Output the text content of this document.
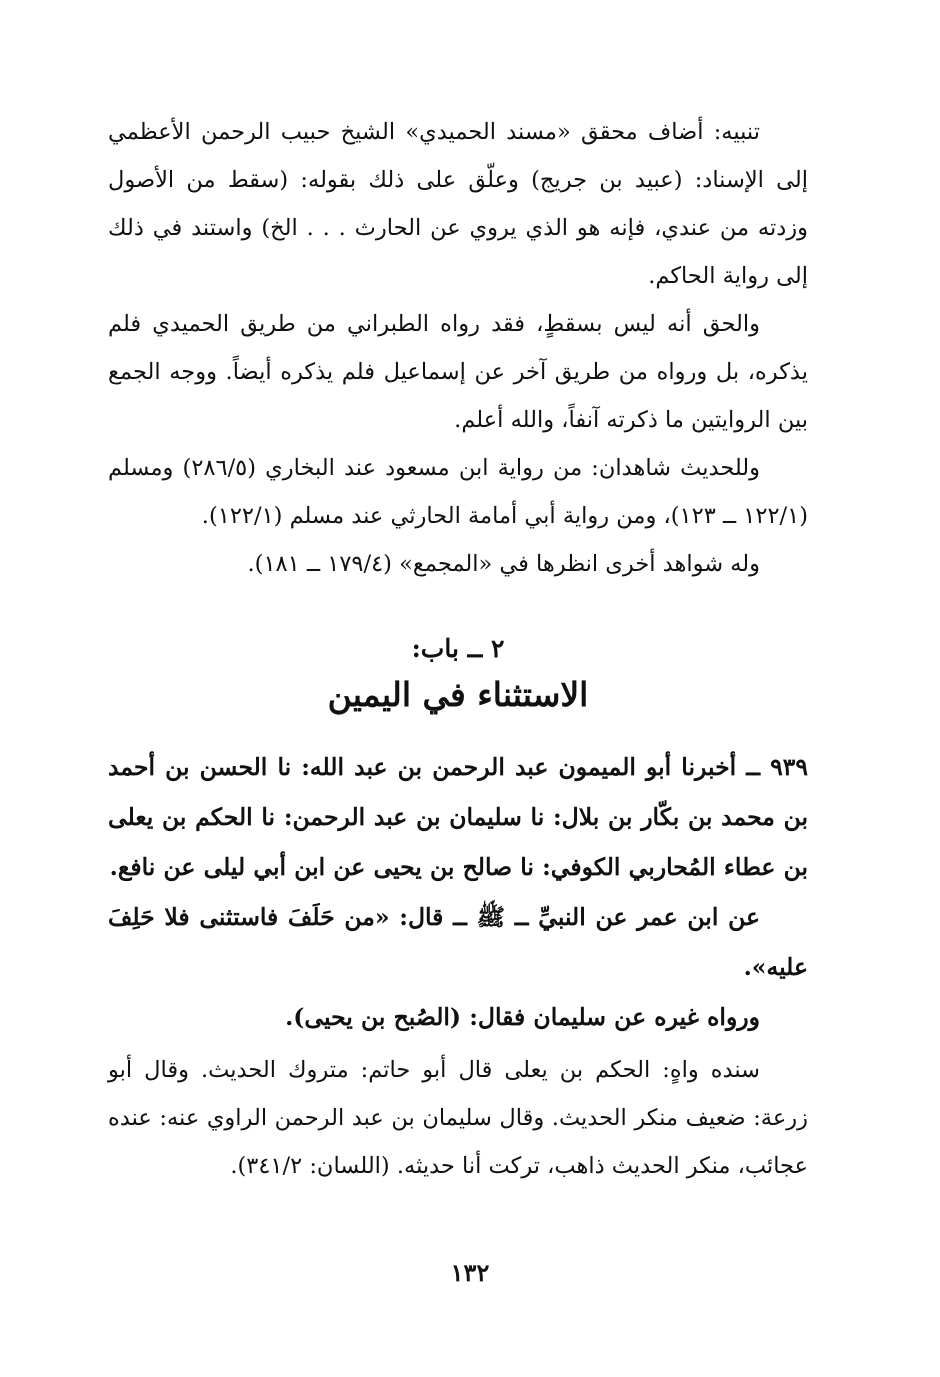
تنبيه: أضاف محقق «مسند الحميدي» الشيخ حبيب الرحمن الأعظمي إلى الإسناد: (عبيد بن جريج) وعلّق على ذلك بقوله: (سقط من الأصول وزدته من عندي، فإنه هو الذي يروي عن الحارث . . . الخ) واستند في ذلك إلى رواية الحاكم.

والحق أنه ليس بسقطٍ، فقد رواه الطبراني من طريق الحميدي فلم يذكره، بل ورواه من طريق آخر عن إسماعيل فلم يذكره أيضاً. ووجه الجمع بين الروايتين ما ذكرته آنفاً، والله أعلم.

وللحديث شاهدان: من رواية ابن مسعود عند البخاري (٢٨٦/٥) ومسلم (١٢٢/١ ــ ١٢٣)، ومن رواية أبي أمامة الحارثي عند مسلم (١٢٢/١).

وله شواهد أخرى انظرها في «المجمع» (١٧٩/٤ ــ ١٨١).

٢ ــ باب:
الاستثناء في اليمين

٩٣٩ ــ أخبرنا أبو الميمون عبد الرحمن بن عبد الله: نا الحسن بن أحمد بن محمد بن بكّار بن بلال: نا سليمان بن عبد الرحمن: نا الحكم بن يعلى بن عطاء المُحاربي الكوفي: نا صالح بن يحيى عن ابن أبي ليلى عن نافع.

عن ابن عمر عن النبيِّ ــ ﷺ ــ قال: «من حَلَفَ فاستثنى فلا حَلِفَ عليه».

ورواه غيره عن سليمان فقال: (الصُبح بن يحيى).

سنده واهٍ: الحكم بن يعلى قال أبو حاتم: متروك الحديث. وقال أبو زرعة: ضعيف منكر الحديث. وقال سليمان بن عبد الرحمن الراوي عنه: عنده عجائب، منكر الحديث ذاهب، تركت أنا حديثه. (اللسان: ٣٤١/٢).

١٣٢
